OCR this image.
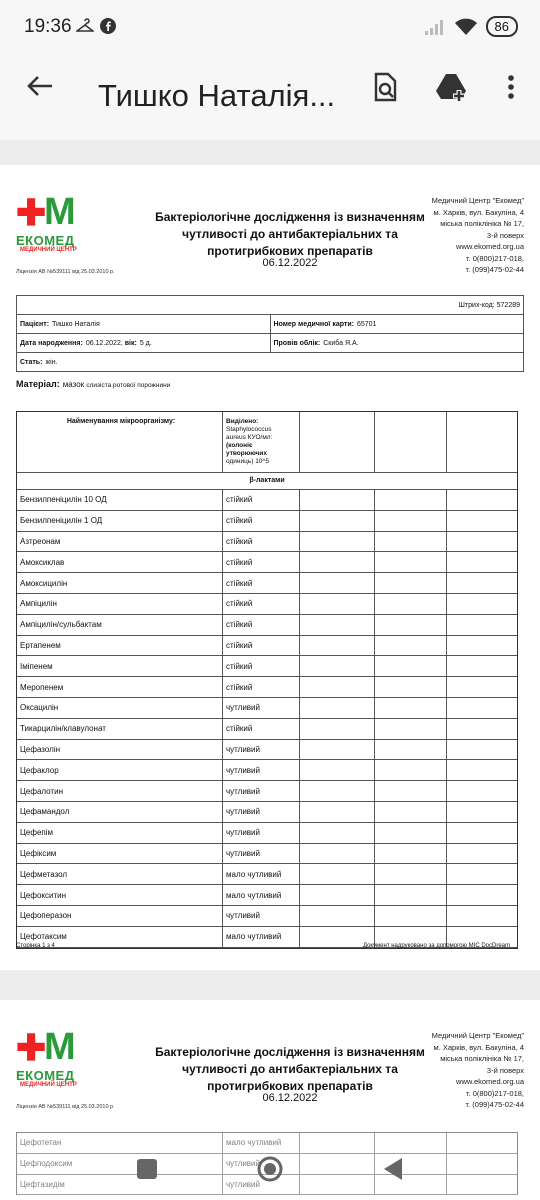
19:36	86
Тишко Наталія...
✚
M
ЕКОМЕД
МЕДИЧНИЙ ЦЕНТР
Ліцензія АВ №539111 від 25.03.2010 р.
Бактеріологічне дослідження із визначенням
чутливості до антибактеріальних та
протигрибкових препаратів
06.12.2022
Медичний Центр "Екомед"
м. Харків, вул. Бакуліна, 4
міська поліклініка № 17,
3-й поверх
www.ekomed.org.ua
т. 0(800)217-018,
т. (099)475-02-44
Штрих-код:
572289
Пацієнт: Тишко Наталія	Номер медичної карти: 65701
Дата народження: 06.12.2022,
вік: 5 д.	Провів облік: Скиба Я.А.
Стать: жін.
Матеріал: мазок слизіста ротової порожнини
Найменування мікроорганізму:	Виділено:
Staphylococcus
aureus КУО/мл:
(колоніє
утворюючих
одиниць) 10^5
β-лактами
Бензилпеніцилін 10 ОД	стійкий
Бензилпеніцилін 1 ОД	стійкий
Азтреонам	стійкий
Амоксиклав	стійкий
Амоксицилін	стійкий
Ампіцилін	стійкий
Ампіцилін/сульбактам	стійкий
Ертапенем	стійкий
Іміпенем	стійкий
Меропенем	стійкий
Оксацилін	чутливий
Тикарцилін/клавулонат	стійкий
Цефазолін	чутливий
Цефаклор	чутливий
Цефалотин	чутливий
Цефамандол	чутливий
Цефепім	чутливий
Цефіксим	чутливий
Цефметазол	мало чутливий
Цефокситин	мало чутливий
Цефоперазон	чутливий
Цефотаксим	мало чутливий
Сторінка 1 з 4	Документ надруковано за допомогою MIC DocDream
✚
M
ЕКОМЕД
МЕДИЧНИЙ ЦЕНТР
Ліцензія АВ №539111 від 25.03.2010 р.
Бактеріологічне дослідження із визначенням
чутливості до антибактеріальних та
протигрибкових препаратів
06.12.2022
Медичний Центр "Екомед"
м. Харків, вул. Бакуліна, 4
міська поліклініка № 17,
3-й поверх
www.ekomed.org.ua
т. 0(800)217-018,
т. (099)475-02-44
Цефотетан	мало чутливий
Цефподоксим	чутливий
Цефтазидім	чутливий
